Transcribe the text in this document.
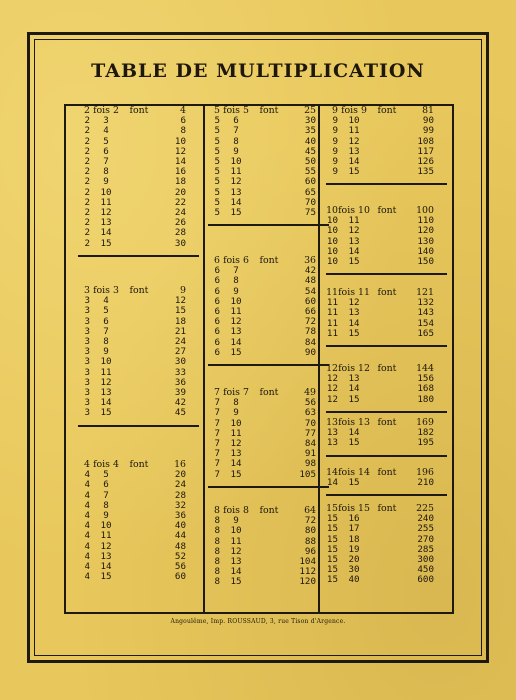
TABLE DE MULTIPLICATION
2 fois 2	font	4
2	3	6
2	4	8
2	5	10
2	6	12
2	7	14
2	8	16
2	9	18
2	10	20
2	11	22
2	12	24
2	13	26
2	14	28
2	15	30
3 fois 3	font	9
3	4	12
3	5	15
3	6	18
3	7	21
3	8	24
3	9	27
3	10	30
3	11	33
3	12	36
3	13	39
3	14	42
3	15	45
4 fois 4	font	16
4	5	20
4	6	24
4	7	28
4	8	32
4	9	36
4	10	40
4	11	44
4	12	48
4	13	52
4	14	56
4	15	60
5 fois 5	font	25
5	6	30
5	7	35
5	8	40
5	9	45
5	10	50
5	11	55
5	12	60
5	13	65
5	14	70
5	15	75
6 fois 6	font	36
6	7	42
6	8	48
6	9	54
6	10	60
6	11	66
6	12	72
6	13	78
6	14	84
6	15	90
7 fois 7	font	49
7	8	56
7	9	63
7	10	70
7	11	77
7	12	84
7	13	91
7	14	98
7	15	105
8 fois 8	font	64
8	9	72
8	10	80
8	11	88
8	12	96
8	13	104
8	14	112
8	15	120
9 fois 9	font	81
9	10	90
9	11	99
9	12	108
9	13	117
9	14	126
9	15	135
10 fois 10 font	100
10	11	110
10	12	120
10	13	130
10	14	140
10	15	150
11 fois 11 font	121
11	12	132
11	13	143
11	14	154
11	15	165
12 fois 12 font	144
12	13	156
12	14	168
12	15	180
13 fois 13 font	169
13	14	182
13	15	195
14 fois 14 font	196
14	15	210
15 fois 15 font	225
15	16	240
15	17	255
15	18	270
15	19	285
15	20	300
15	30	450
15	40	600
Angoulême, Imp. ROUSSAUD, 3, rue Tison d'Argence.
